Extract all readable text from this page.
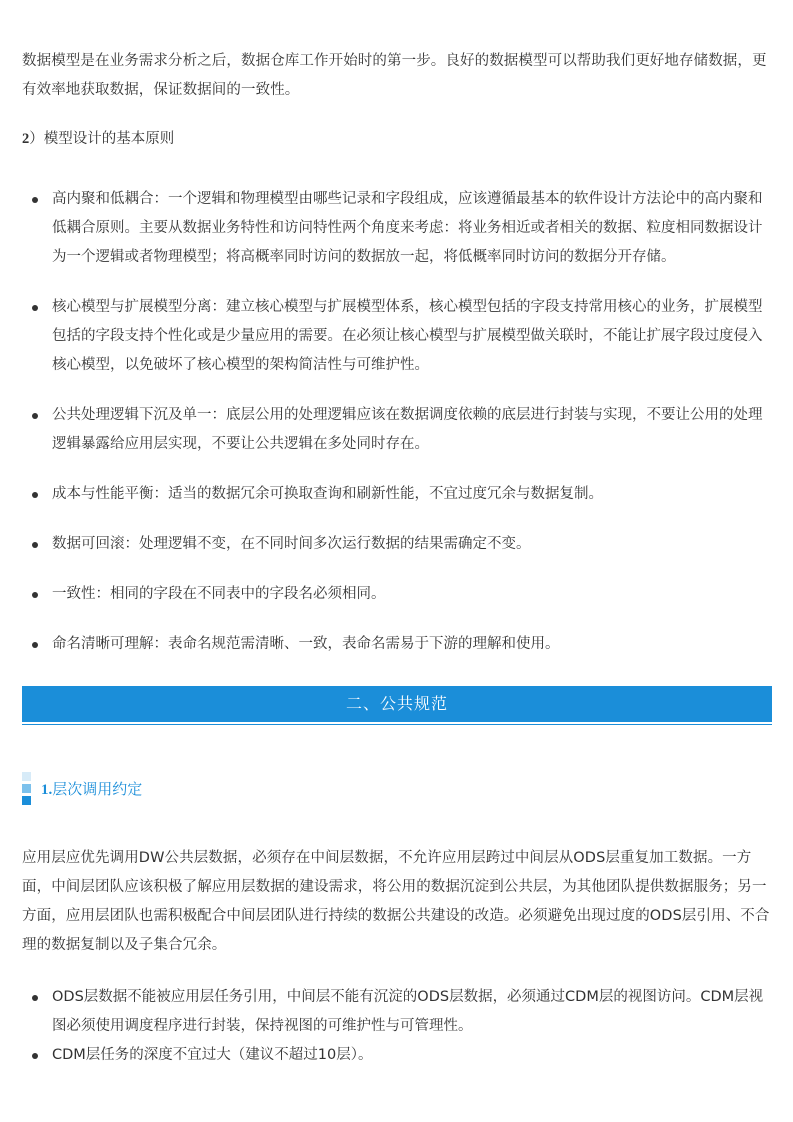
数据模型是在业务需求分析之后，数据仓库工作开始时的第一步。良好的数据模型可以帮助我们更好地存储数据，更有效率地获取数据，保证数据间的一致性。

2）模型设计的基本原则
高内聚和低耦合：一个逻辑和物理模型由哪些记录和字段组成，应该遵循最基本的软件设计方法论中的高内聚和低耦合原则。主要从数据业务特性和访问特性两个角度来考虑：将业务相近或者相关的数据、粒度相同数据设计为一个逻辑或者物理模型；将高概率同时访问的数据放一起，将低概率同时访问的数据分开存储。
核心模型与扩展模型分离：建立核心模型与扩展模型体系，核心模型包括的字段支持常用核心的业务，扩展模型包括的字段支持个性化或是少量应用的需要。在必须让核心模型与扩展模型做关联时，不能让扩展字段过度侵入核心模型，以免破坏了核心模型的架构简洁性与可维护性。
公共处理逻辑下沉及单一：底层公用的处理逻辑应该在数据调度依赖的底层进行封装与实现，不要让公用的处理逻辑暴露给应用层实现，不要让公共逻辑在多处同时存在。
成本与性能平衡：适当的数据冗余可换取查询和刷新性能，不宜过度冗余与数据复制。
数据可回滚：处理逻辑不变，在不同时间多次运行数据的结果需确定不变。
一致性：相同的字段在不同表中的字段名必须相同。
命名清晰可理解：表命名规范需清晰、一致，表命名需易于下游的理解和使用。
二、公共规范
1.层次调用约定

应用层应优先调用DW公共层数据，必须存在中间层数据，不允许应用层跨过中间层从ODS层重复加工数据。一方面，中间层团队应该积极了解应用层数据的建设需求，将公用的数据沉淀到公共层，为其他团队提供数据服务；另一方面，应用层团队也需积极配合中间层团队进行持续的数据公共建设的改造。必须避免出现过度的ODS层引用、不合理的数据复制以及子集合冗余。

ODS层数据不能被应用层任务引用，中间层不能有沉淀的ODS层数据，必须通过CDM层的视图访问。CDM层视图必须使用调度程序进行封装，保持视图的可维护性与可管理性。
CDM层任务的深度不宜过大（建议不超过10层）。
